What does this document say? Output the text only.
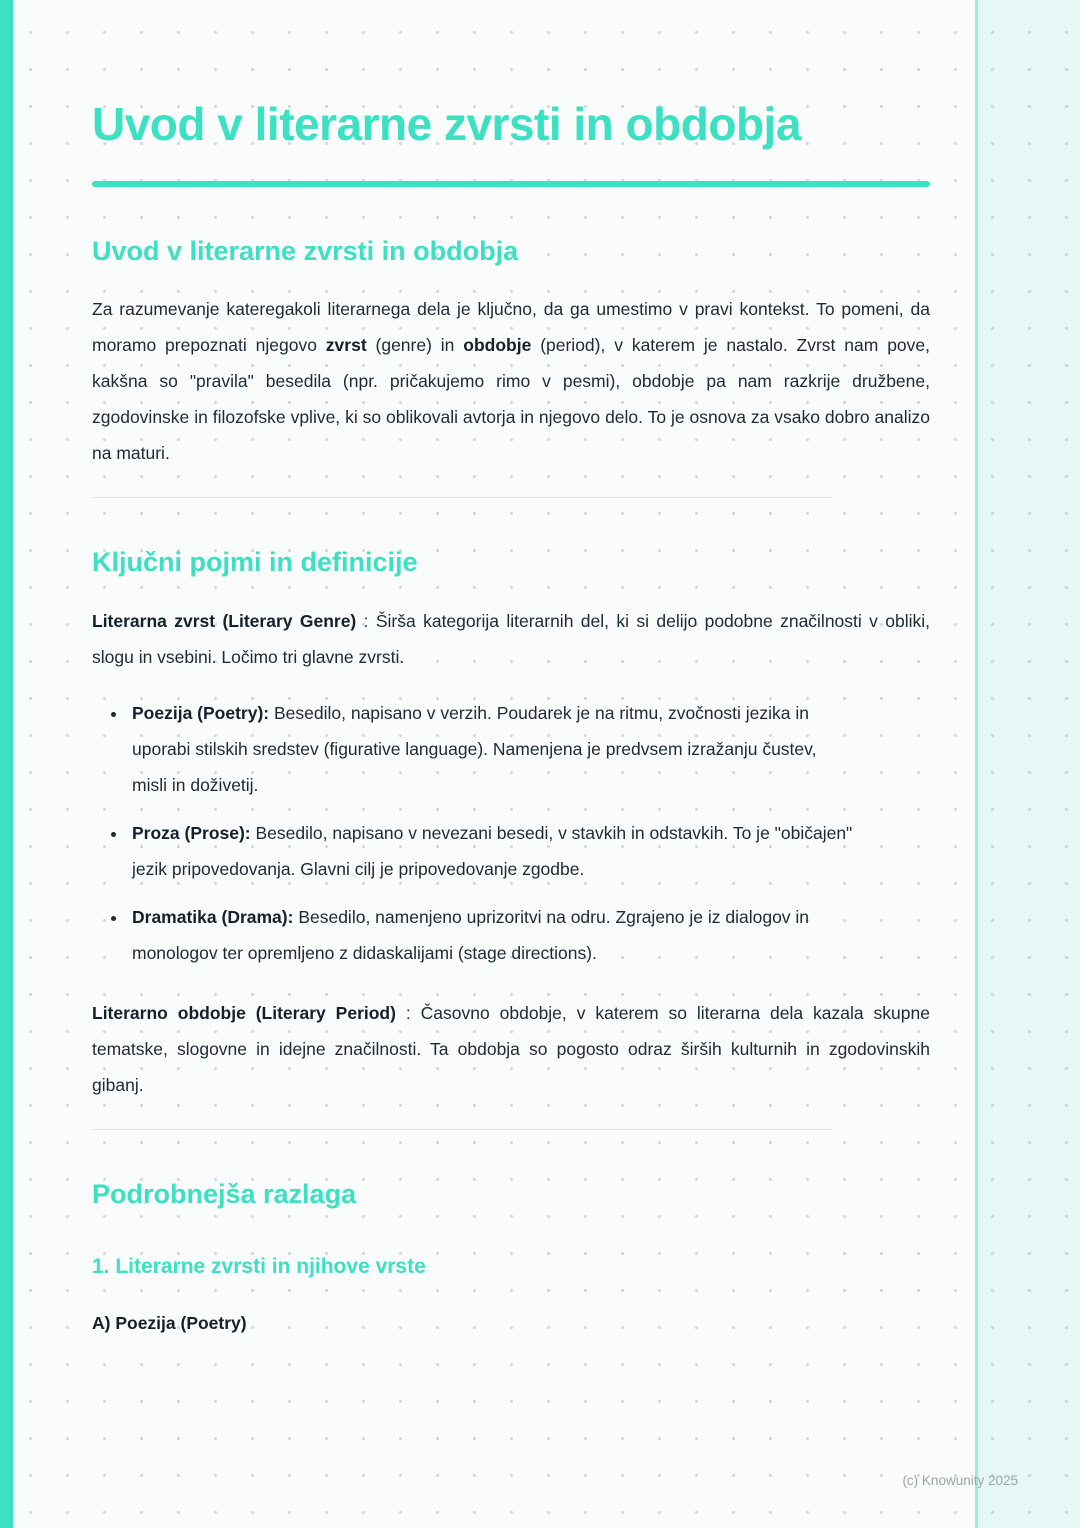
Uvod v literarne zvrsti in obdobja
Uvod v literarne zvrsti in obdobja

Za razumevanje kateregakoli literarnega dela je ključno, da ga umestimo v pravi kontekst. To pomeni, da moramo prepoznati njegovo zvrst (genre) in obdobje (period), v katerem je nastalo. Zvrst nam pove, kakšna so "pravila" besedila (npr. pričakujemo rimo v pesmi), obdobje pa nam razkrije družbene, zgodovinske in filozofske vplive, ki so oblikovali avtorja in njegovo delo. To je osnova za vsako dobro analizo na maturi.

Ključni pojmi in definicije

Literarna zvrst (Literary Genre) : Širša kategorija literarnih del, ki si delijo podobne značilnosti v obliki, slogu in vsebini. Ločimo tri glavne zvrsti.

• Poezija (Poetry): Besedilo, napisano v verzih. Poudarek je na ritmu, zvočnosti jezika in uporabi stilskih sredstev (figurative language). Namenjena je predvsem izražanju čustev, misli in doživetij.
• Proza (Prose): Besedilo, napisano v nevezani besedi, v stavkih in odstavkih. To je "običajen" jezik pripovedovanja. Glavni cilj je pripovedovanje zgodbe.
• Dramatika (Drama): Besedilo, namenjeno uprizoritvi na odru. Zgrajeno je iz dialogov in monologov ter opremljeno z didaskalijami (stage directions).

Literarno obdobje (Literary Period) : Časovno obdobje, v katerem so literarna dela kazala skupne tematske, slogovne in idejne značilnosti. Ta obdobja so pogosto odraz širših kulturnih in zgodovinskih gibanj.

Podrobnejša razlaga
1. Literarne zvrsti in njihove vrste

A) Poezija (Poetry)

(c) Knowunity 2025
